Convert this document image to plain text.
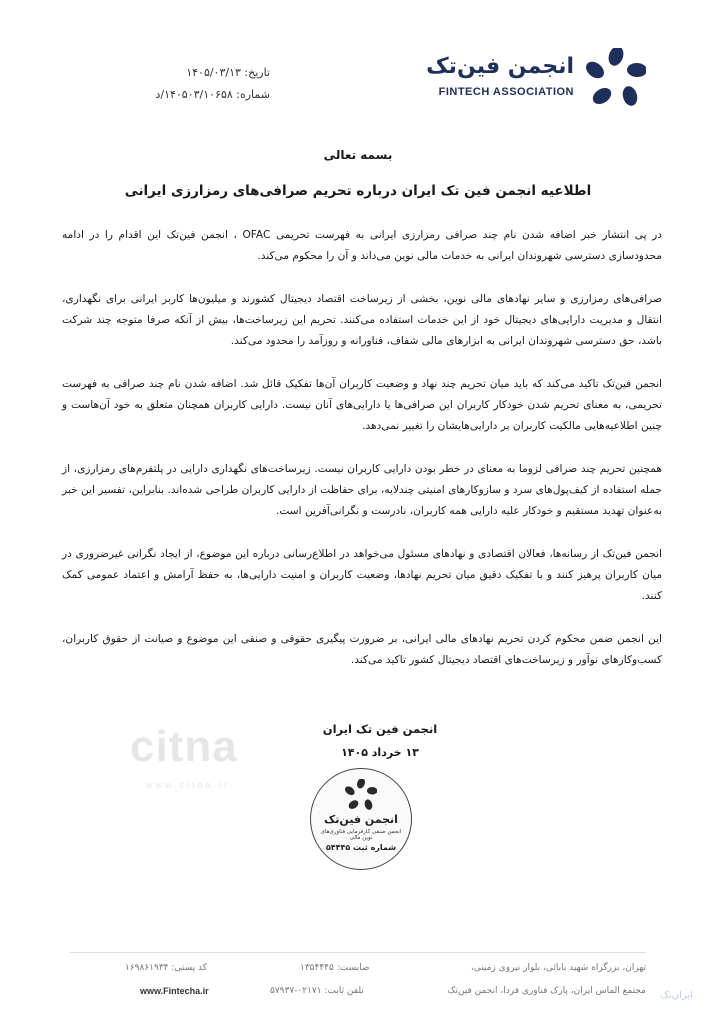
انجمن فین‌تک
FINTECH ASSOCIATION
تاریخ: ۱۴۰۵/۰۳/۱۳
شماره: ۱۴۰۵۰۳/۱۰۶۵۸/د
بسمه تعالی
اطلاعیه انجمن فین تک ایران درباره تحریم صرافی‌های رمزارزی ایرانی

در پی انتشار خبر اضافه شدن نام چند صرافی رمزارزی ایرانی به فهرست تحریمی OFAC ، انجمن فین‌تک این اقدام را در ادامه محدودسازی دسترسی شهروندان ایرانی به خدمات مالی نوین می‌داند و آن را محکوم می‌کند.

صرافی‌های رمزارزی و سایر نهادهای مالی نوین، بخشی از زیرساخت اقتصاد دیجیتال کشورند و میلیون‌ها کاربر ایرانی برای نگهداری، انتقال و مدیریت دارایی‌های دیجیتال خود از این خدمات استفاده می‌کنند. تحریم این زیرساخت‌ها، بیش از آنکه صرفا متوجه چند شرکت باشد، حق دسترسی شهروندان ایرانی به ابزارهای مالی شفاف، فناورانه و روزآمد را محدود می‌کند.

انجمن فین‌تک تاکید می‌کند که باید میان تحریم چند نهاد و وضعیت کاربران آن‌ها تفکیک قائل شد. اضافه شدن نام چند صرافی به فهرست تحریمی، به معنای تحریم شدن خودکار کاربران این صرافی‌ها یا دارایی‌های آنان نیست. دارایی کاربران همچنان متعلق به خود آن‌هاست و چنین اطلاعیه‌هایی مالکیت کاربران بر دارایی‌هایشان را تغییر نمی‌دهد.

همچنین تحریم چند صرافی لزوما به معنای در خطر بودن دارایی کاربران نیست. زیرساخت‌های نگهداری دارایی در پلتفرم‌های رمزارزی، از جمله استفاده از کیف‌پول‌های سرد و سازوکارهای امنیتی چندلایه، برای حفاظت از دارایی کاربران طراحی شده‌اند. بنابراین، تفسیر این خبر به‌عنوان تهدید مستقیم و خودکار علیه دارایی همه کاربران، نادرست و نگرانی‌آفرین است.

انجمن فین‌تک از رسانه‌ها، فعالان اقتصادی و نهادهای مسئول می‌خواهد در اطلاع‌رسانی درباره این موضوع، از ایجاد نگرانی غیرضروری در میان کاربران پرهیز کنند و با تفکیک دقیق میان تحریم نهادها، وضعیت کاربران و امنیت دارایی‌ها، به حفظ آرامش و اعتماد عمومی کمک کنند.

این انجمن ضمن محکوم کردن تحریم نهادهای مالی ایرانی، بر ضرورت پیگیری حقوقی و صنفی این موضوع و صیانت از حقوق کاربران، کسب‌وکارهای نوآور و زیرساخت‌های اقتصاد دیجیتال کشور تاکید می‌کند.

citna
www.citna.ir
انجمن فین تک ایران
۱۳ خرداد ۱۴۰۵
انجمن فین‌تک
انجمن صنفی کارفرمایی فناوری‌های نوین مالی
شماره ثبت ۵۴۴۴۵
تهران، بزرگراه شهید بابائی، بلوار نیروی زمینی،
مجتمع الماس ایران، پارک فناوری فردا، انجمن فین‌تک
صابست: ۱۳۵۴۴۴۵
تلفن ثابت: ۰۲۱۷۱-۵۷۹۳۷
کد پستی: ۱۶۹۸۶۱۹۳۴
www.Fintecha.ir	ایران‌تک
